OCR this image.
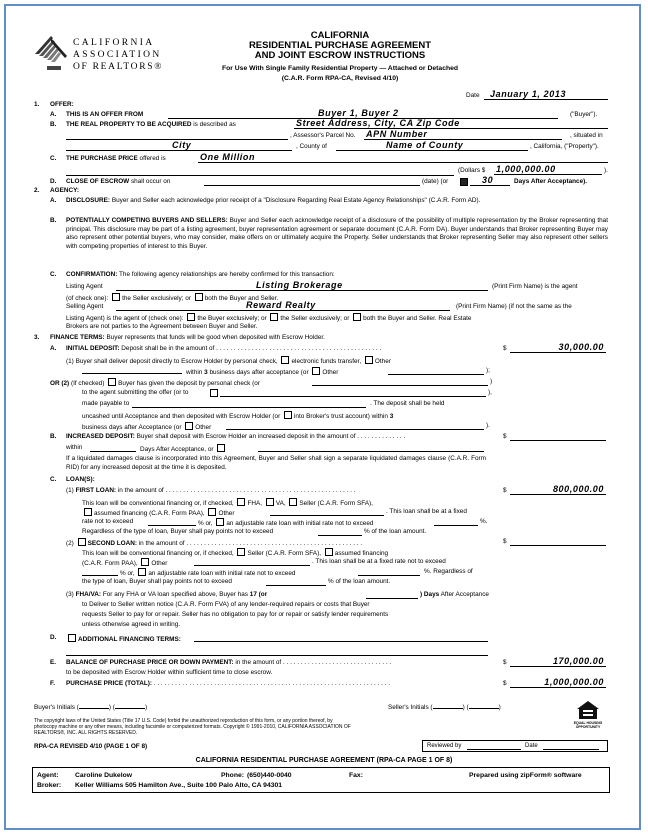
CALIFORNIA
ASSOCIATION
OF REALTORS®
CALIFORNIA
RESIDENTIAL PURCHASE AGREEMENT
AND JOINT ESCROW INSTRUCTIONS
For Use With Single Family Residential Property — Attached or Detached
(C.A.R. Form RPA-CA, Revised 4/10)
Date	January 1, 2013
1. OFFER:
A. THIS IS AN OFFER FROM	Buyer 1, Buyer 2	("Buyer").
B. THE REAL PROPERTY TO BE ACQUIRED is described as	Street Address, City, CA Zip Code
, Assessor's Parcel No. APN Number	, situated in
City	, County of	Name of County	, California, ("Property").
C. THE PURCHASE PRICE offered is	One Million
(Dollars $ 1,000,000.00	).
D. CLOSE OF ESCROW shall occur on	(date) (or	30	Days After Acceptance).
2. AGENCY:
A. DISCLOSURE: Buyer and Seller each acknowledge prior receipt of a "Disclosure Regarding Real Estate Agency Relationships" (C.A.R. Form AD).
B. POTENTIALLY COMPETING BUYERS AND SELLERS: Buyer and Seller each acknowledge receipt of a disclosure of the possibility of multiple representation by the Broker representing that principal. This disclosure may be part of a listing agreement, buyer representation agreement or separate document (C.A.R. Form DA). Buyer understands that Broker representing Buyer may also represent other potential buyers, who may consider, make offers on or ultimately acquire the Property. Seller understands that Broker representing Seller may also represent other sellers with competing properties of interest to this Buyer.
C. CONFIRMATION: The following agency relationships are hereby confirmed for this transaction:
Listing Agent	Listing Brokerage	(Print Firm Name) is the agent
(of check one): the Seller exclusively; or both the Buyer and Seller.
Selling Agent	Reward Realty	(Print Firm Name) (if not the same as the
Listing Agent) is the agent of (check one): the Buyer exclusively; or the Seller exclusively; or both the Buyer and Seller. Real Estate
Brokers are not parties to the Agreement between Buyer and Seller.
3. FINANCE TERMS: Buyer represents that funds will be good when deposited with Escrow Holder.
A. INITIAL DEPOSIT: Deposit shall be in the amount of . . . . . . . . . . . . . . . . . . . . . . . . . . . . . . . . . . . . . . . . . . . . . . .	$	30,000.00
(1) Buyer shall deliver deposit directly to Escrow Holder by personal check, electronic funds transfer, Other
within 3 business days after acceptance (or Other	);
OR (2) (If checked) Buyer has given the deposit by personal check (or	)
to the agent submitting the offer (or to	),
made payable to	. The deposit shall be held
uncashed until Acceptance and then deposited with Escrow Holder (or into Broker's trust account) within 3
business days after Acceptance (or Other	).
B. INCREASED DEPOSIT: Buyer shall deposit with Escrow Holder an increased deposit in the amount of . . . . . . . . . . . . . .	$
within	Days After Acceptance, or
If a liquidated damages clause is incorporated into this Agreement, Buyer and Seller shall sign a separate liquidated damages clause (C.A.R. Form RID) for any increased deposit at the time it is deposited.
C. LOAN(S):
(1) FIRST LOAN: in the amount of . . . . . . . . . . . . . . . . . . . . . . . . . . . . . . . . . . . . . . . . . . . . . . . . . . . . . .	$	800,000.00
This loan will be conventional financing or, if checked, FHA, VA, Seller (C.A.R. Form SFA),
assumed financing (C.A.R. Form PAA), Other	. This loan shall be at a fixed
rate not to exceed	% or, an adjustable rate loan with initial rate not to exceed	%.
Regardless of the type of loan, Buyer shall pay points not to exceed	% of the loan amount.
(2) SECOND LOAN: in the amount of . . . . . . . . . . . . . . . . . . . . . . . . . . . . . . . . . . . . . . . . . . . . . . . . . .	$
This loan will be conventional financing or, if checked, Seller (C.A.R. Form SFA), assumed financing
(C.A.R. Form PAA), Other	. This loan shall be at a fixed rate not to exceed
% or, an adjustable rate loan with initial rate not to exceed	%. Regardless of
the type of loan, Buyer shall pay points not to exceed	% of the loan amount.
(3) FHA/VA: For any FHA or VA loan specified above, Buyer has 17 (or	) Days After Acceptance
to Deliver to Seller written notice (C.A.R. Form FVA) of any lender-required repairs or costs that Buyer
requests Seller to pay for or repair. Seller has no obligation to pay for or repair or satisfy lender requirements
unless otherwise agreed in writing.
D.	ADDITIONAL FINANCING TERMS:
E. BALANCE OF PURCHASE PRICE OR DOWN PAYMENT: in the amount of . . . . . . . . . . . . . . . . . . . . . . . . . . . . . . .	$	170,000.00
to be deposited with Escrow Holder within sufficient time to close escrow.
F. PURCHASE PRICE (TOTAL): . . . . . . . . . . . . . . . . . . . . . . . . . . . . . . . . . . . . . . . . . . . . . . . . . . . . . . . . . . . . . . . . . . .	$	1,000,000.00
Buyer's Initials (	) (	)	Seller's Initials (	) (	)
EQUAL HOUSING OPPORTUNITY
The copyright laws of the United States (Title 17 U.S. Code) forbid the unauthorized reproduction of this form, or any portion thereof, by photocopy machine or any other means, including facsimile or computerized formats. Copyright © 1991-2010, CALIFORNIA ASSOCIATION OF REALTORS®, INC. ALL RIGHTS RESERVED.
RPA-CA REVISED 4/10 (PAGE 1 OF 8)	Reviewed by	Date
CALIFORNIA RESIDENTIAL PURCHASE AGREEMENT (RPA-CA PAGE 1 OF 8)
Agent: Caroline Dukelow	Phone: (650)440-0040	Fax:	Prepared using zipForm® software
Broker: Keller Williams 505 Hamilton Ave., Suite 100 Palo Alto, CA 94301
